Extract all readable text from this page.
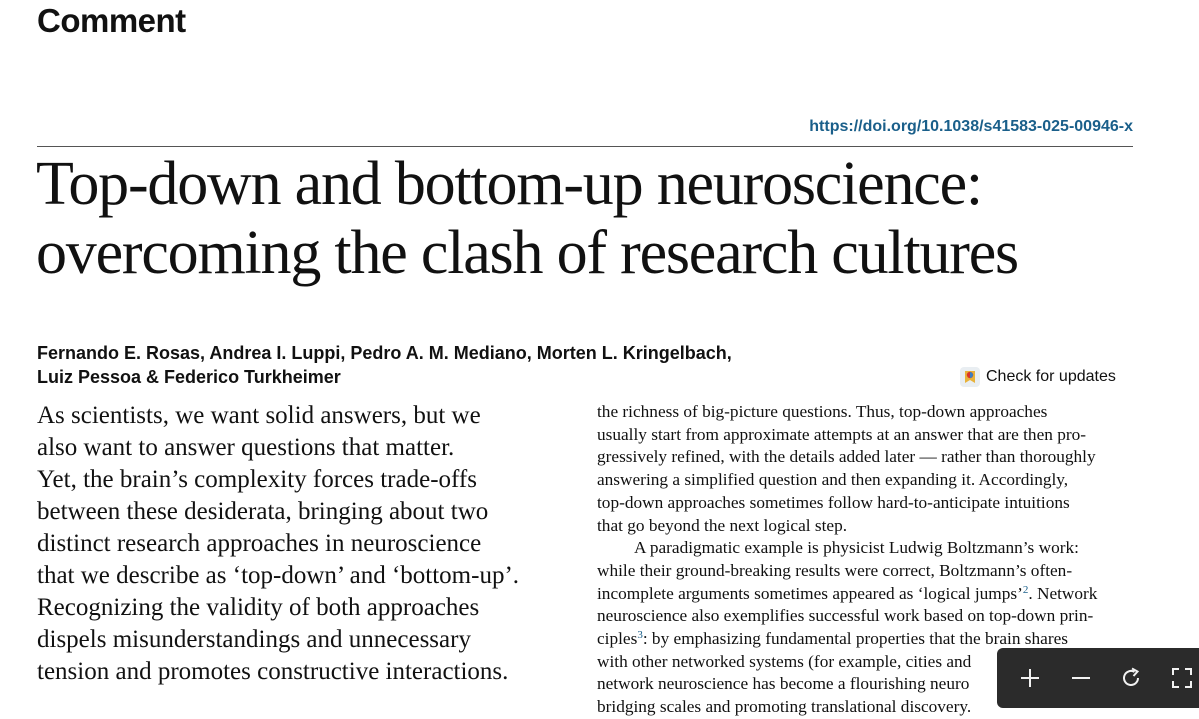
Comment
https://doi.org/10.1038/s41583-025-00946-x
Top-down and bottom-up neuroscience:
overcoming the clash of research cultures
Fernando E. Rosas, Andrea I. Luppi, Pedro A. M. Mediano, Morten L. Kringelbach,
Luiz Pessoa & Federico Turkheimer	Check for updates
As scientists, we want solid answers, but we
also want to answer questions that matter.
Yet, the brain’s complexity forces trade-offs
between these desiderata, bringing about two
distinct research approaches in neuroscience
that we describe as ‘top-down’ and ‘bottom-up’.
Recognizing the validity of both approaches
dispels misunderstandings and unnecessary
tension and promotes constructive interactions.
the richness of big-picture questions. Thus, top-down approaches
usually start from approximate attempts at an answer that are then pro-
gressively refined, with the details added later — rather than thoroughly
answering a simplified question and then expanding it. Accordingly,
top-down approaches sometimes follow hard-to-anticipate intuitions
that go beyond the next logical step.
A paradigmatic example is physicist Ludwig Boltzmann’s work:
while their ground-breaking results were correct, Boltzmann’s often-
incomplete arguments sometimes appeared as ‘logical jumps’$^2$. Network
neuroscience also exemplifies successful work based on top-down prin-
ciples$^3$: by emphasizing fundamental properties that the brain shares
with other networked systems (for example, cities and
network neuroscience has become a flourishing neuro
bridging scales and promoting translational discovery.
